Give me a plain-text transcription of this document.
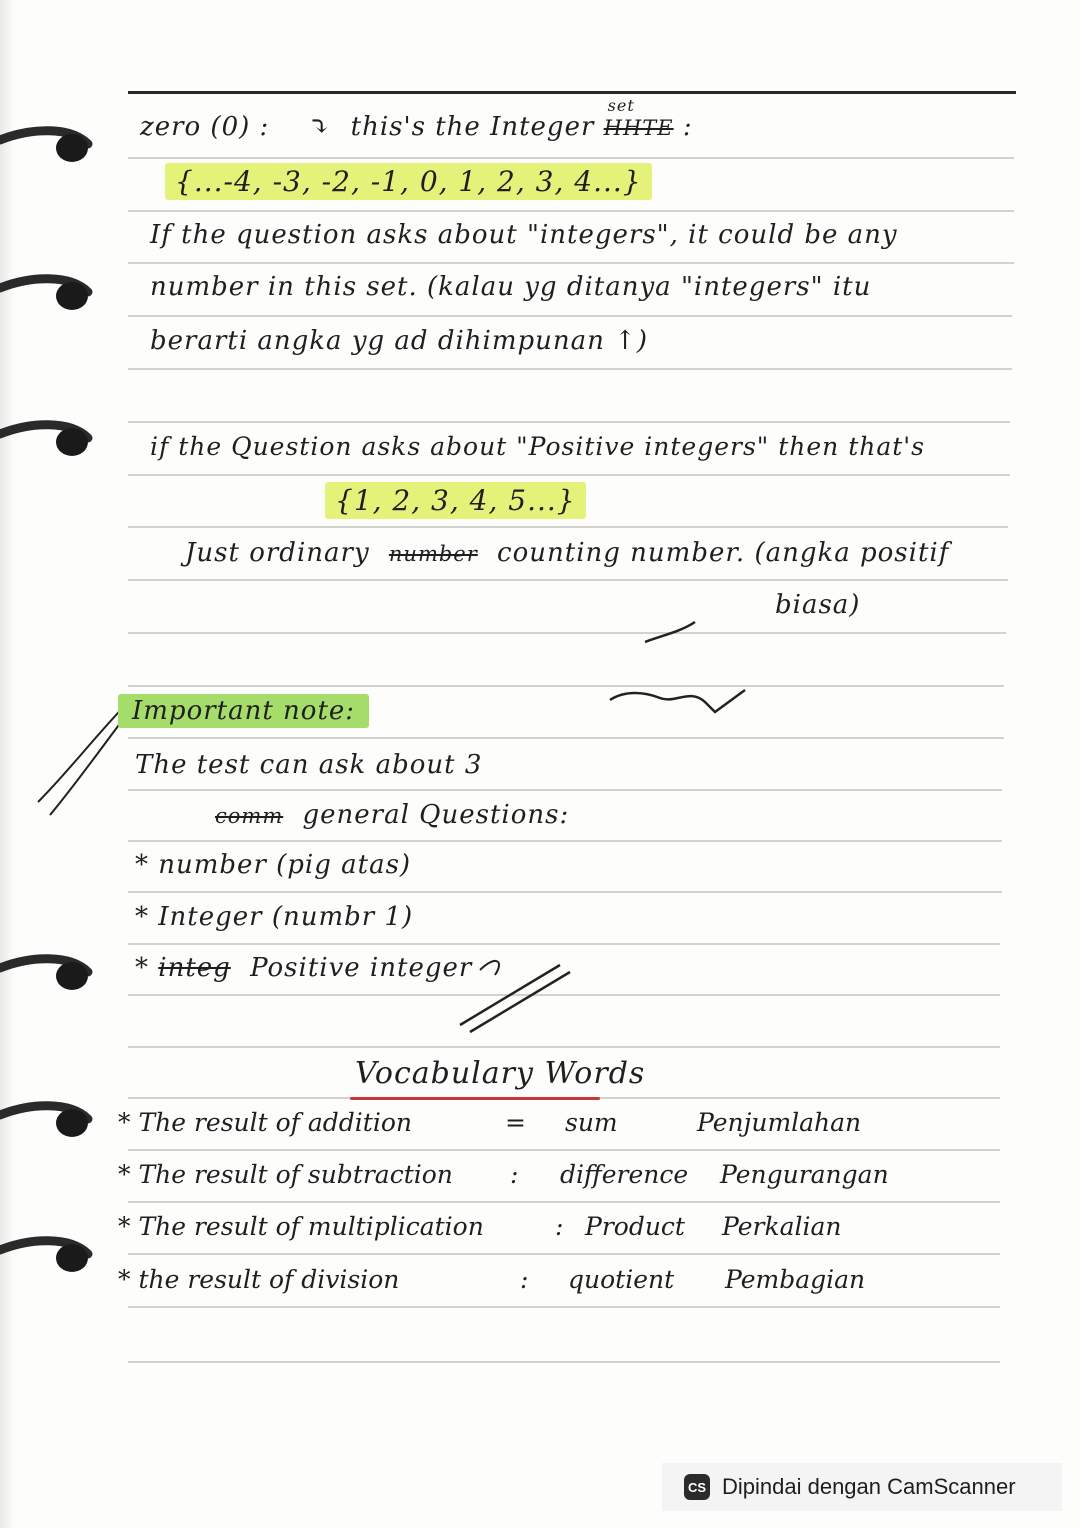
zero (0) : ⤵ this's the Integer HHTE
set
:
{...-4, -3, -2, -1, 0, 1, 2, 3, 4...}
If the question asks about "integers", it could be any
number in this set. (kalau yg ditanya "integers" itu
berarti angka yg ad dihimpunan ↑)
if the Question asks about "Positive integers" then that's
{1, 2, 3, 4, 5...}
Just ordinary number counting number. (angka positif
biasa)
Important note:
The test can ask about 3
comm general Questions:
* number (pig atas)
* Integer (numbr 1)
* integ Positive integer
Vocabulary Words
* The result of addition	= sum	Penjumlahan
* The result of subtraction : difference Pengurangan
* The result of multiplication	: Product Perkalian
* the result of division	: quotient Pembagian
CS Dipindai dengan CamScanner
